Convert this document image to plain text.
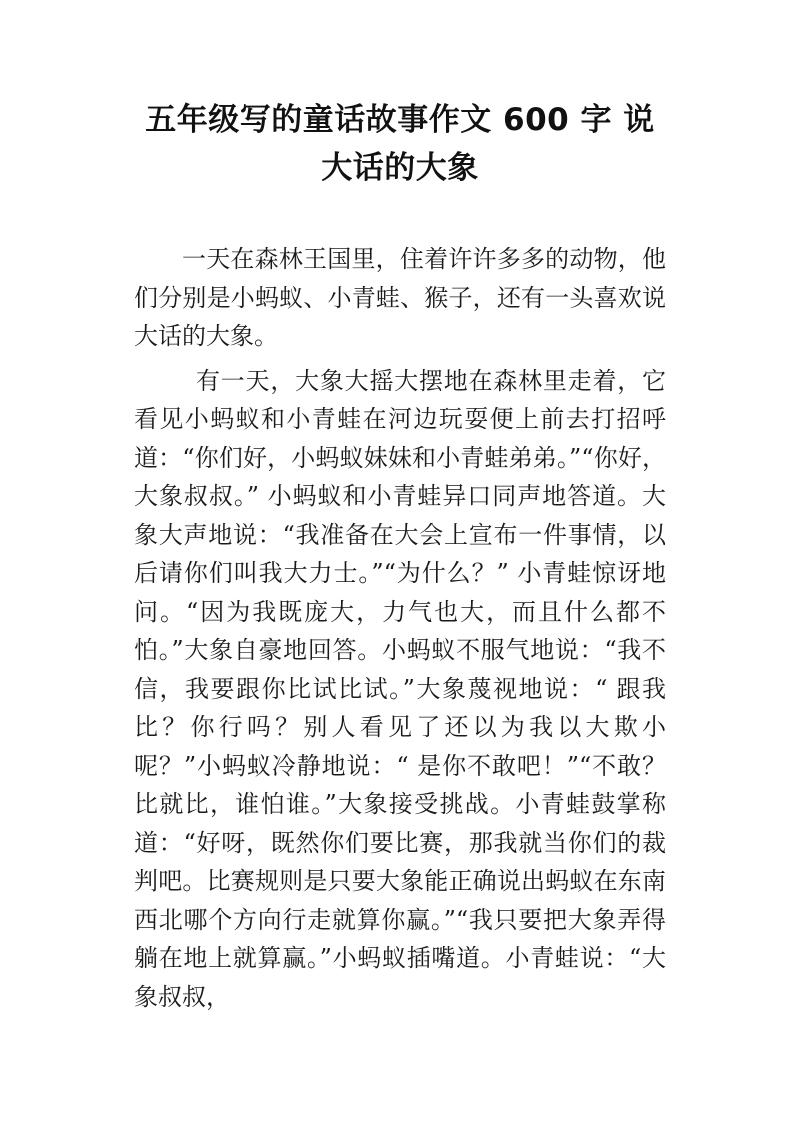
五年级写的童话故事作文 600 字 说大话的大象

一天在森林王国里，住着许许多多的动物，他们分别是小蚂蚁、小青蛙、猴子，还有一头喜欢说大话的大象。

有一天，大象大摇大摆地在森林里走着，它看见小蚂蚁和小青蛙在河边玩耍便上前去打招呼道：“你们好，小蚂蚁妹妹和小青蛙弟弟。”“你好，大象叔叔。” 小蚂蚁和小青蛙异口同声地答道。大象大声地说：“我准备在大会上宣布一件事情，以后请你们叫我大力士。”“为什么？” 小青蛙惊讶地问。“因为我既庞大，力气也大，而且什么都不怕。”大象自豪地回答。小蚂蚁不服气地说：“我不信，我要跟你比试比试。”大象蔑视地说：“ 跟我比？你行吗？别人看见了还以为我以大欺小呢？”小蚂蚁冷静地说：“ 是你不敢吧！”“不敢？比就比，谁怕谁。”大象接受挑战。小青蛙鼓掌称道：“好呀，既然你们要比赛，那我就当你们的裁判吧。比赛规则是只要大象能正确说出蚂蚁在东南西北哪个方向行走就算你赢。”“我只要把大象弄得躺在地上就算赢。”小蚂蚁插嘴道。小青蛙说：“大象叔叔，
